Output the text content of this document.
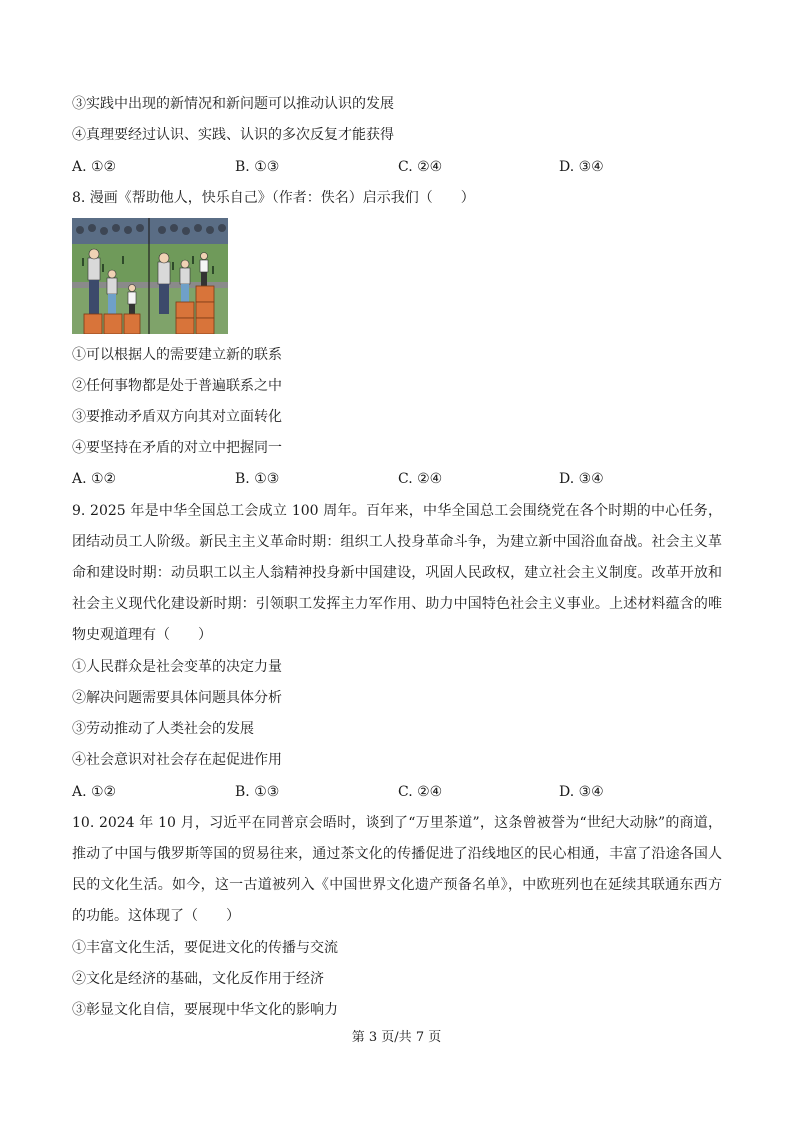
③实践中出现的新情况和新问题可以推动认识的发展
④真理要经过认识、实践、认识的多次反复才能获得
A. ①②	B. ①③	C. ②④	D. ③④
8. 漫画《帮助他人，快乐自己》（作者：佚名）启示我们（　　）
①可以根据人的需要建立新的联系
②任何事物都是处于普遍联系之中
③要推动矛盾双方向其对立面转化
④要坚持在矛盾的对立中把握同一
A. ①②	B. ①③	C. ②④	D. ③④
9. 2025 年是中华全国总工会成立 100 周年。百年来，中华全国总工会围绕党在各个时期的中心任务，团结动员工人阶级。新民主主义革命时期：组织工人投身革命斗争，为建立新中国浴血奋战。社会主义革命和建设时期：动员职工以主人翁精神投身新中国建设，巩固人民政权，建立社会主义制度。改革开放和社会主义现代化建设新时期：引领职工发挥主力军作用、助力中国特色社会主义事业。上述材料蕴含的唯物史观道理有（　　）
①人民群众是社会变革的决定力量
②解决问题需要具体问题具体分析
③劳动推动了人类社会的发展
④社会意识对社会存在起促进作用
A. ①②	B. ①③	C. ②④	D. ③④
10. 2024 年 10 月，习近平在同普京会晤时，谈到了“万里茶道”，这条曾被誉为“世纪大动脉”的商道，推动了中国与俄罗斯等国的贸易往来，通过茶文化的传播促进了沿线地区的民心相通，丰富了沿途各国人民的文化生活。如今，这一古道被列入《中国世界文化遗产预备名单》，中欧班列也在延续其联通东西方的功能。这体现了（　　）
①丰富文化生活，要促进文化的传播与交流
②文化是经济的基础，文化反作用于经济
③彰显文化自信，要展现中华文化的影响力
第 3 页/共 7 页
